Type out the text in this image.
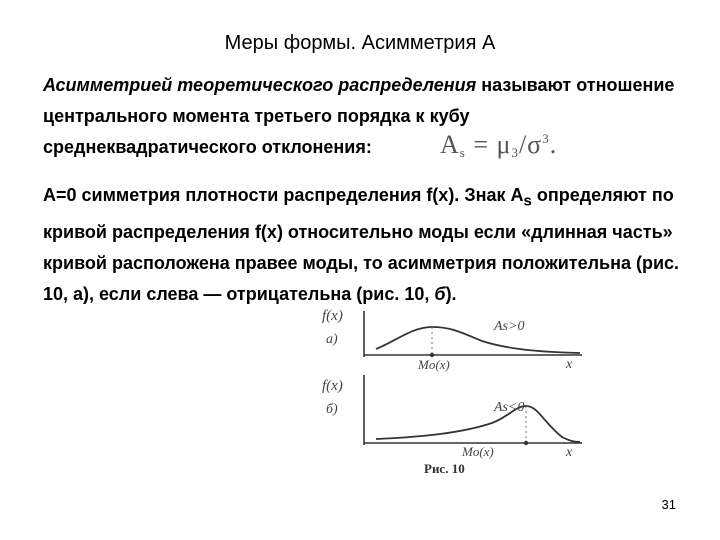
Меры формы. Асимметрия А
Асимметрией теоретического распределения называют отношение центрального момента третьего порядка к кубу среднеквадратического отклонения:	$A_s = \mu_3/\sigma^3$.
A=0 симметрия плотности распределения f(x). Знак $A_s$ определяют по кривой распределения f(x) относительно моды если «длинная часть» кривой расположена правее моды, то асимметрия положительна (рис. 10, а), если слева — отрицательна (рис. 10, б).
f(x)
a)
As>0
Mo(x)	x
f(x)
б)	As<0
Mo(x)	x
Рис. 10
31
